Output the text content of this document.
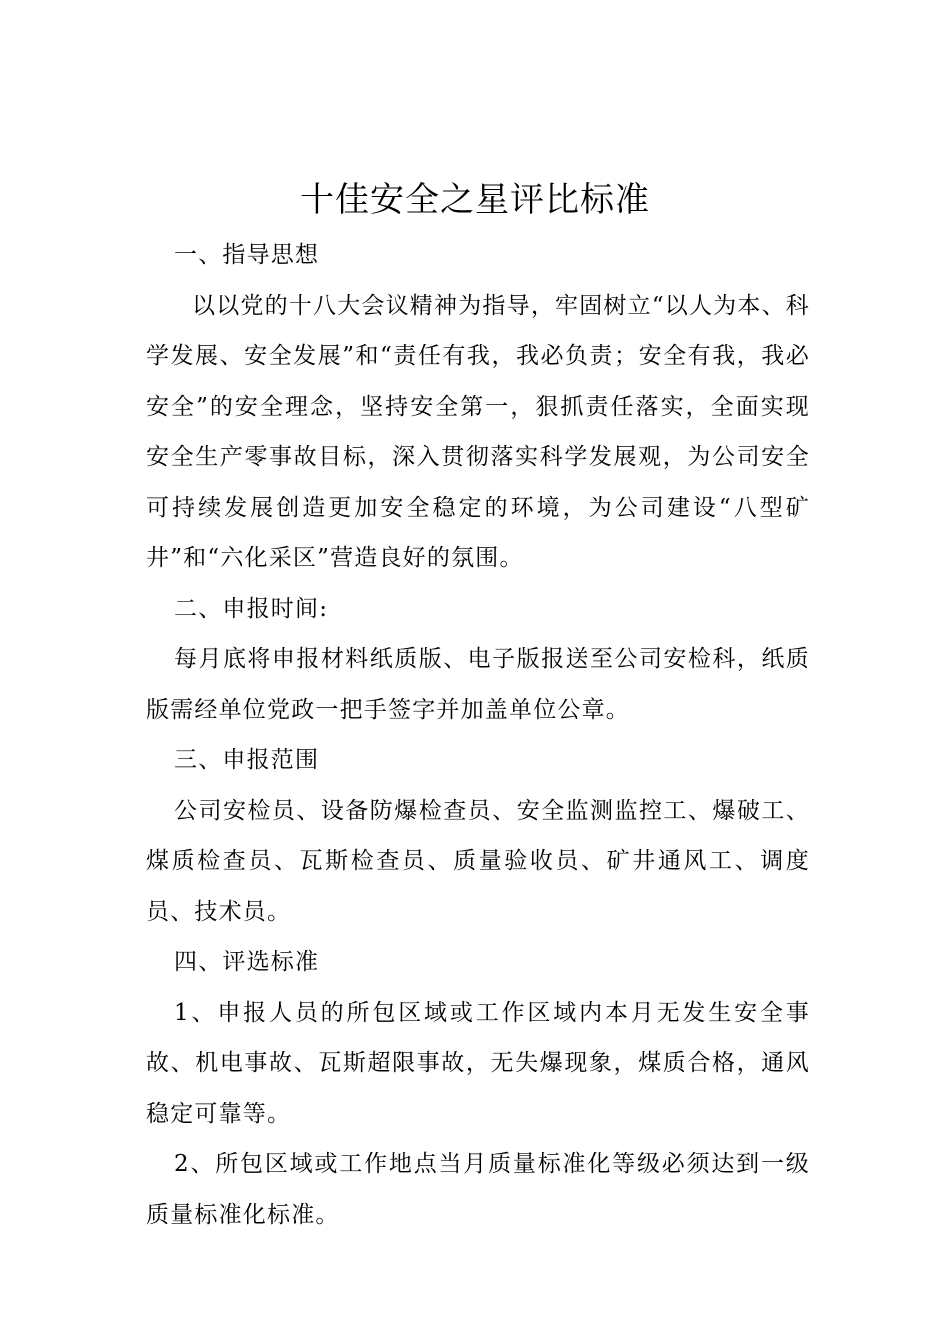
十佳安全之星评比标准

一、指导思想

以以党的十八大会议精神为指导，牢固树立“以人为本、科学发展、安全发展”和“责任有我，我必负责；安全有我，我必安全”的安全理念，坚持安全第一，狠抓责任落实，全面实现安全生产零事故目标，深入贯彻落实科学发展观，为公司安全可持续发展创造更加安全稳定的环境，为公司建设“八型矿井”和“六化采区”营造良好的氛围。

二、申报时间:

每月底将申报材料纸质版、电子版报送至公司安检科，纸质版需经单位党政一把手签字并加盖单位公章。

三、申报范围

公司安检员、设备防爆检查员、安全监测监控工、爆破工、煤质检查员、瓦斯检查员、质量验收员、矿井通风工、调度员、技术员。

四、评选标准

1、申报人员的所包区域或工作区域内本月无发生安全事故、机电事故、瓦斯超限事故，无失爆现象，煤质合格，通风稳定可靠等。

2、所包区域或工作地点当月质量标准化等级必须达到一级质量标准化标准。
